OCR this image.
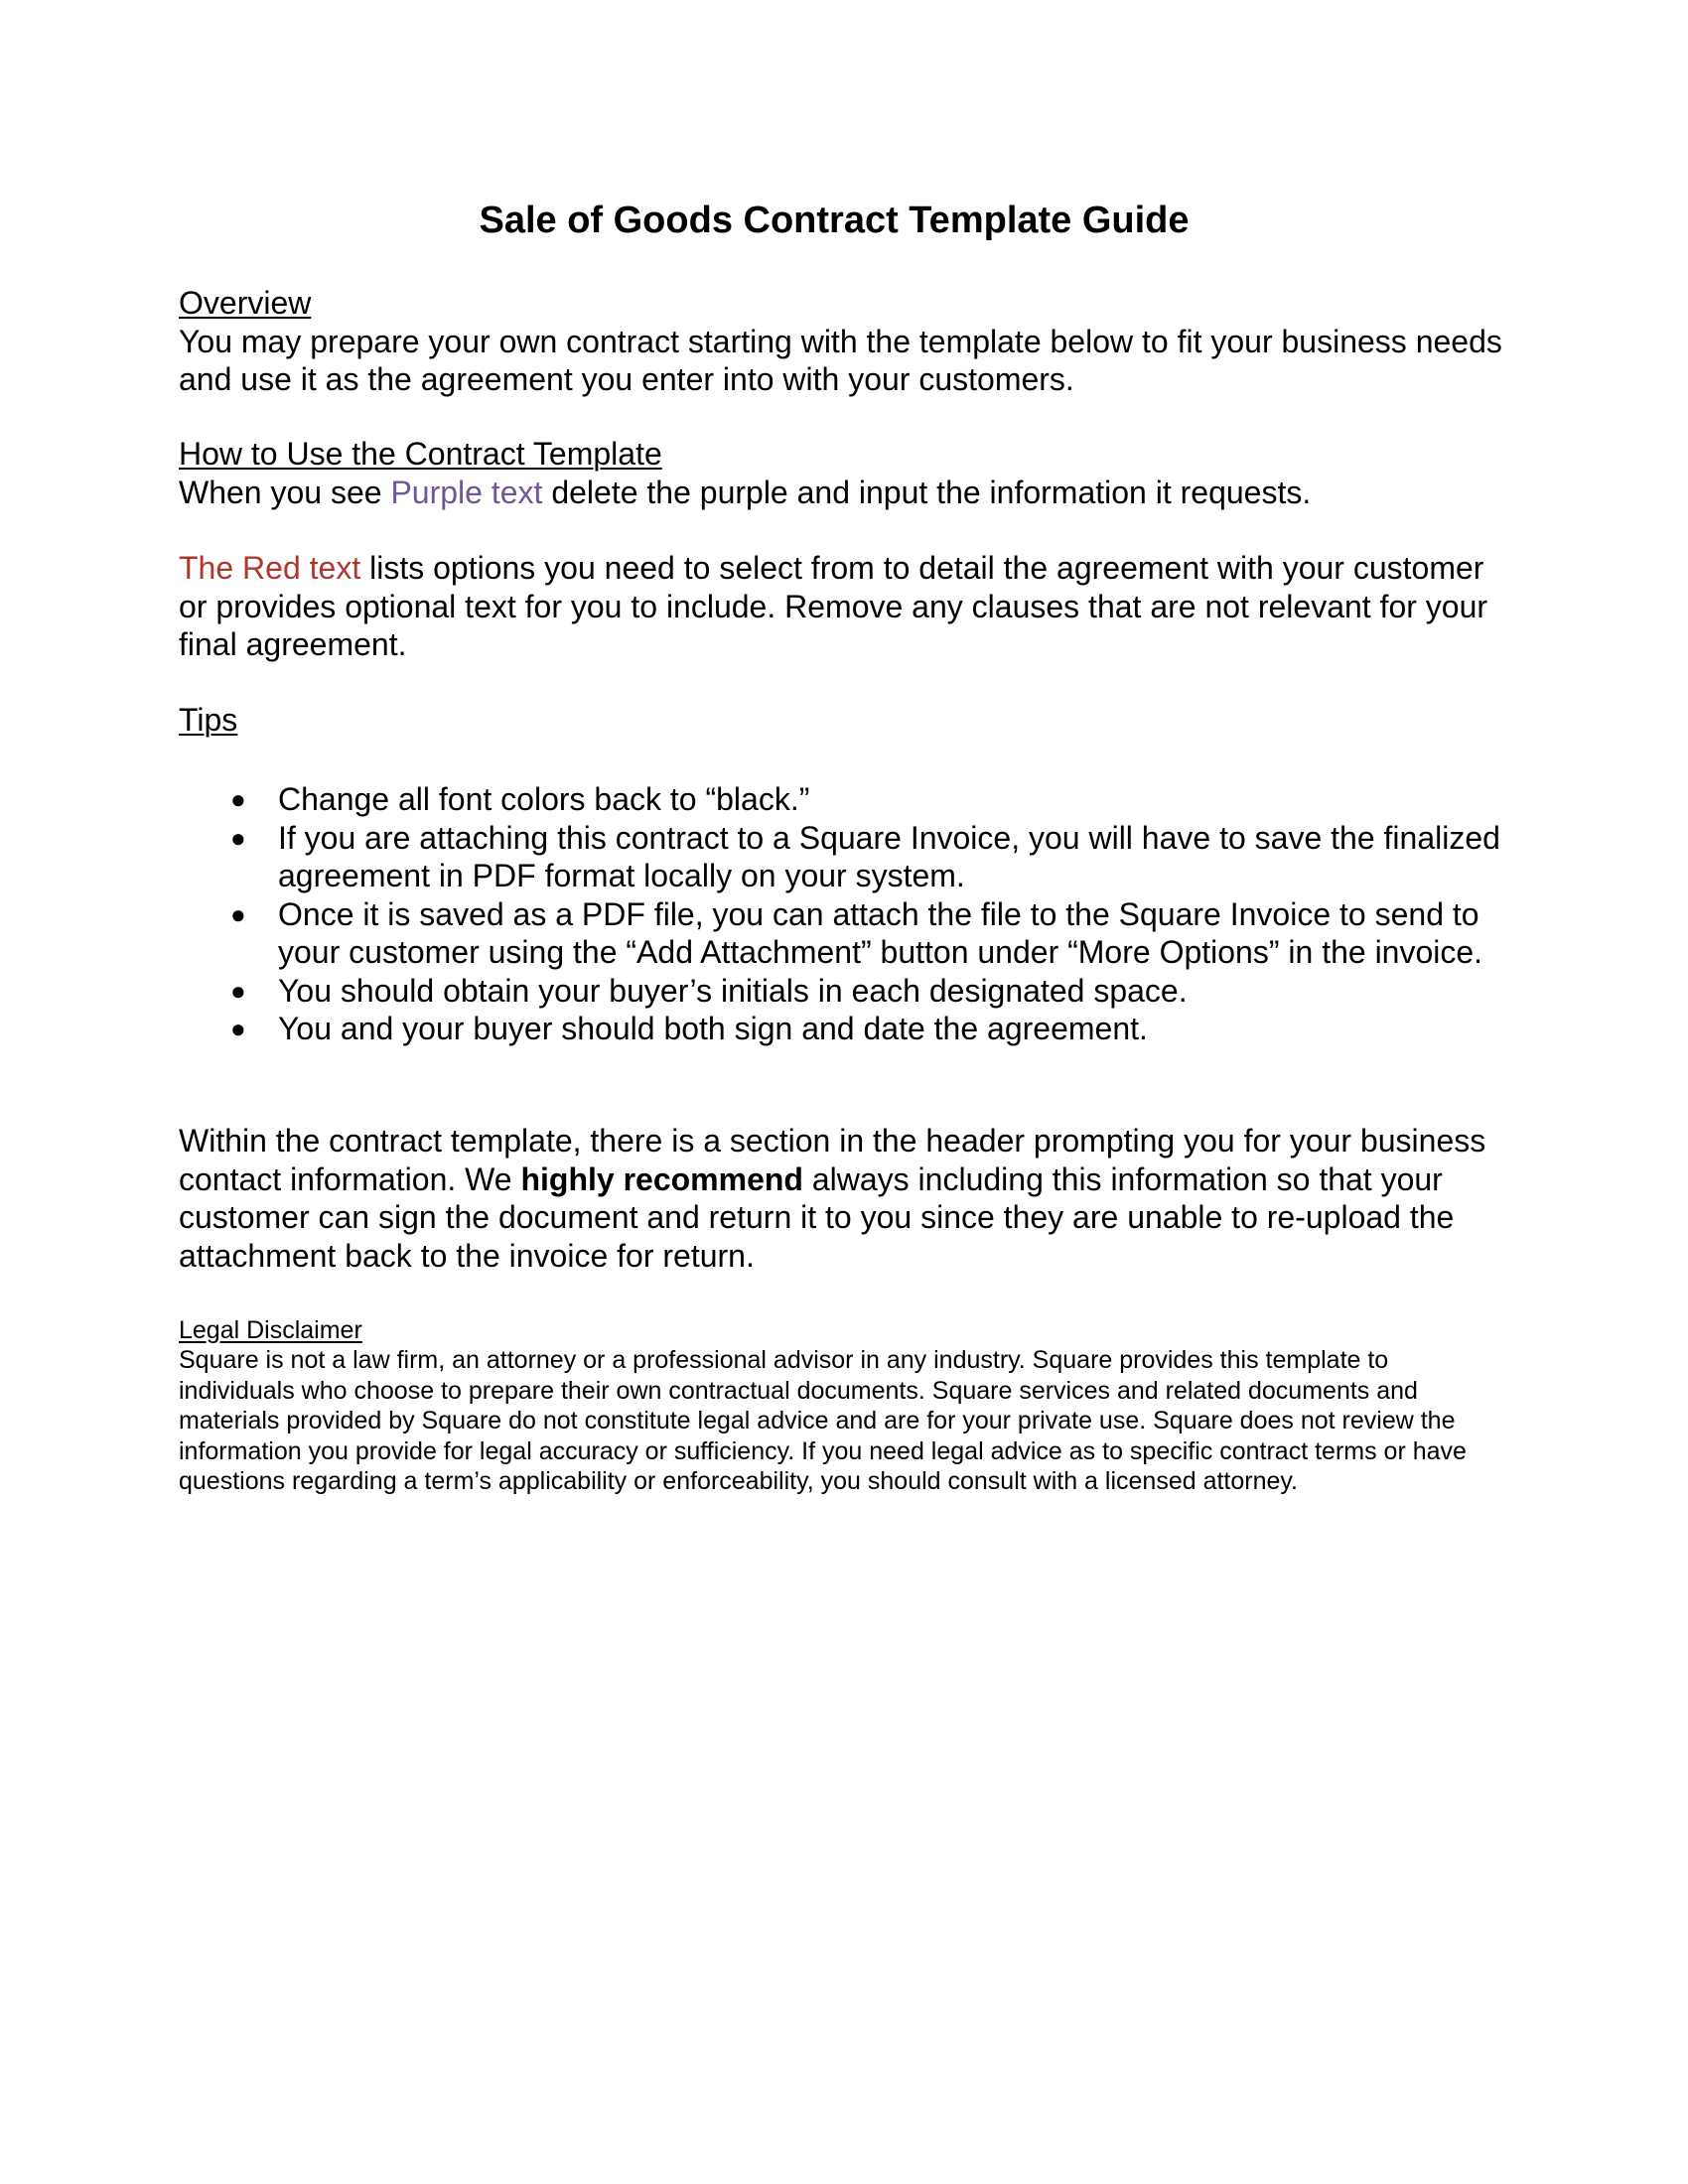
Sale of Goods Contract Template Guide
Overview
You may prepare your own contract starting with the template below to fit your business needs and use it as the agreement you enter into with your customers.
How to Use the Contract Template
When you see Purple text delete the purple and input the information it requests.
The Red text lists options you need to select from to detail the agreement with your customer or provides optional text for you to include. Remove any clauses that are not relevant for your final agreement.
Tips
● Change all font colors back to “black.”
● If you are attaching this contract to a Square Invoice, you will have to save the finalized agreement in PDF format locally on your system.
● Once it is saved as a PDF file, you can attach the file to the Square Invoice to send to your customer using the “Add Attachment” button under “More Options” in the invoice.
● You should obtain your buyer’s initials in each designated space.
● You and your buyer should both sign and date the agreement.
Within the contract template, there is a section in the header prompting you for your business contact information. We highly recommend always including this information so that your customer can sign the document and return it to you since they are unable to re-upload the attachment back to the invoice for return.
Legal Disclaimer
Square is not a law firm, an attorney or a professional advisor in any industry. Square provides this template to individuals who choose to prepare their own contractual documents. Square services and related documents and materials provided by Square do not constitute legal advice and are for your private use. Square does not review the information you provide for legal accuracy or sufficiency. If you need legal advice as to specific contract terms or have questions regarding a term’s applicability or enforceability, you should consult with a licensed attorney.
